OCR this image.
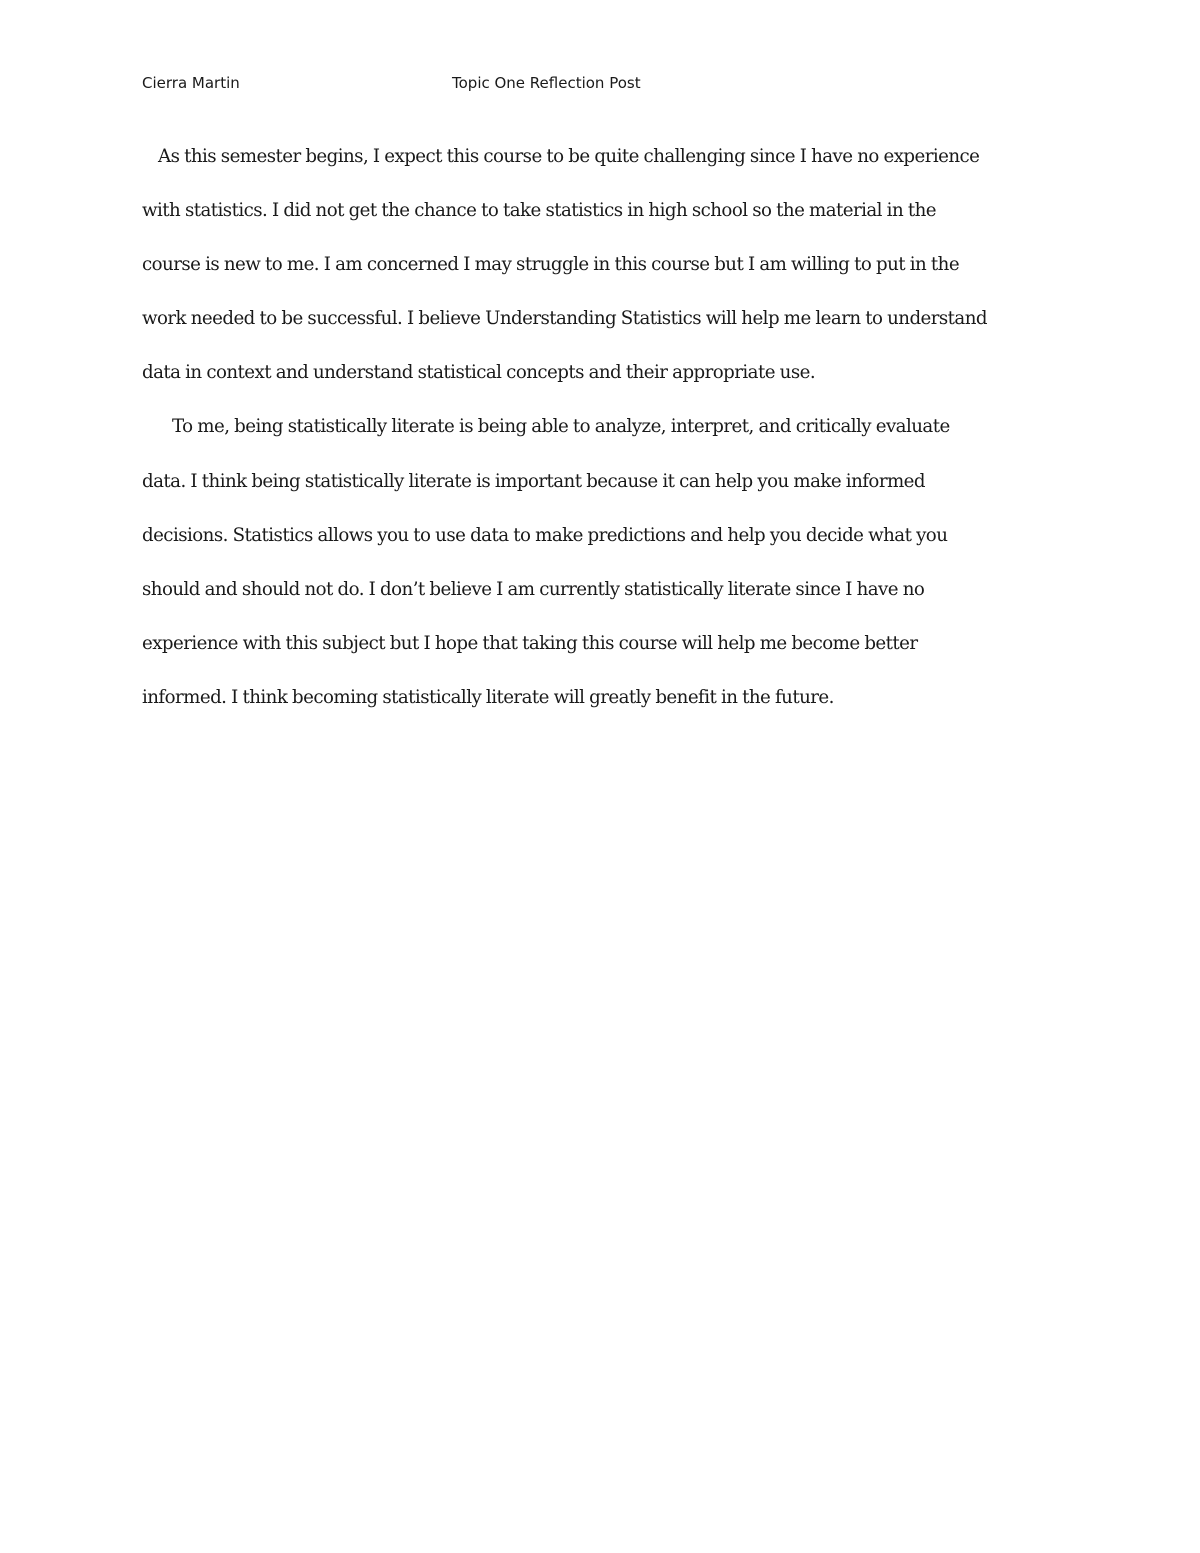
Cierra Martin	Topic One Reflection Post
As this semester begins, I expect this course to be quite challenging since I have no experience
with statistics. I did not get the chance to take statistics in high school so the material in the
course is new to me. I am concerned I may struggle in this course but I am willing to put in the
work needed to be successful. I believe Understanding Statistics will help me learn to understand
data in context and understand statistical concepts and their appropriate use.
To me, being statistically literate is being able to analyze, interpret, and critically evaluate
data. I think being statistically literate is important because it can help you make informed
decisions. Statistics allows you to use data to make predictions and help you decide what you
should and should not do. I don’t believe I am currently statistically literate since I have no
experience with this subject but I hope that taking this course will help me become better
informed. I think becoming statistically literate will greatly benefit in the future.
